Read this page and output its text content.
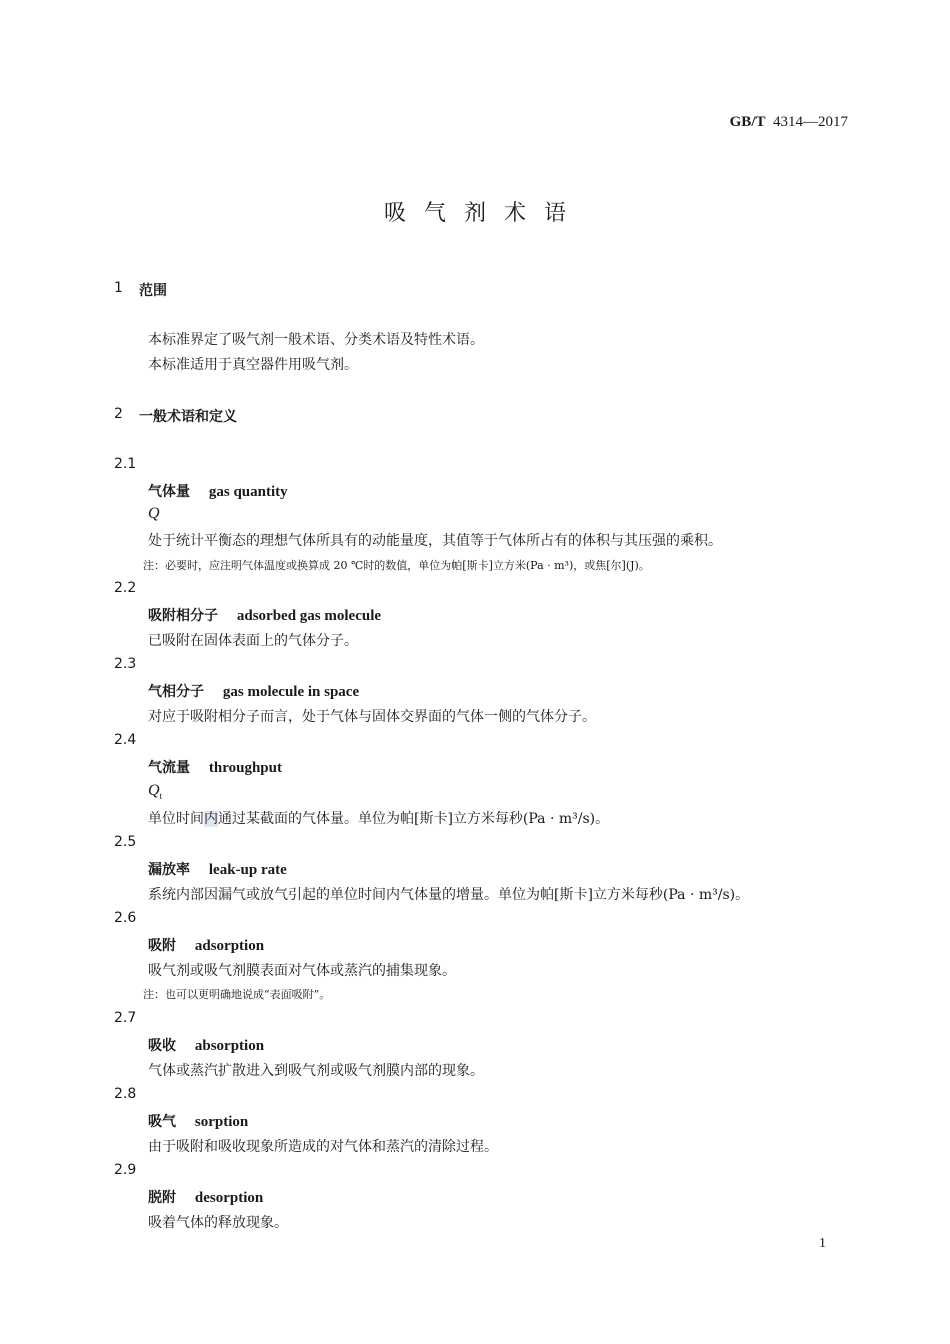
GB/T 4314—2017
吸气剂术语
1 范围
本标准界定了吸气剂一般术语、分类术语及特性术语。
本标准适用于真空器件用吸气剂。
2 一般术语和定义
2.1
气体量 gas quantity
Q
处于统计平衡态的理想气体所具有的动能量度，其值等于气体所占有的体积与其压强的乘积。
注：必要时，应注明气体温度或换算成 20 ℃时的数值，单位为帕[斯卡]立方米(Pa · m³)，或焦[尔](J)。
2.2
吸附相分子 adsorbed gas molecule
已吸附在固体表面上的气体分子。
2.3
气相分子 gas molecule in space
对应于吸附相分子而言，处于气体与固体交界面的气体一侧的气体分子。
2.4
气流量 throughput
$Q_t$
单位时间内通过某截面的气体量。单位为帕[斯卡]立方米每秒(Pa · m³/s)。
2.5
漏放率 leak-up rate
系统内部因漏气或放气引起的单位时间内气体量的增量。单位为帕[斯卡]立方米每秒(Pa · m³/s)。
2.6
吸附 adsorption
吸气剂或吸气剂膜表面对气体或蒸汽的捕集现象。
注：也可以更明确地说成“表面吸附”。
2.7
吸收 absorption
气体或蒸汽扩散进入到吸气剂或吸气剂膜内部的现象。
2.8
吸气 sorption
由于吸附和吸收现象所造成的对气体和蒸汽的清除过程。
2.9
脱附 desorption
吸着气体的释放现象。
1
